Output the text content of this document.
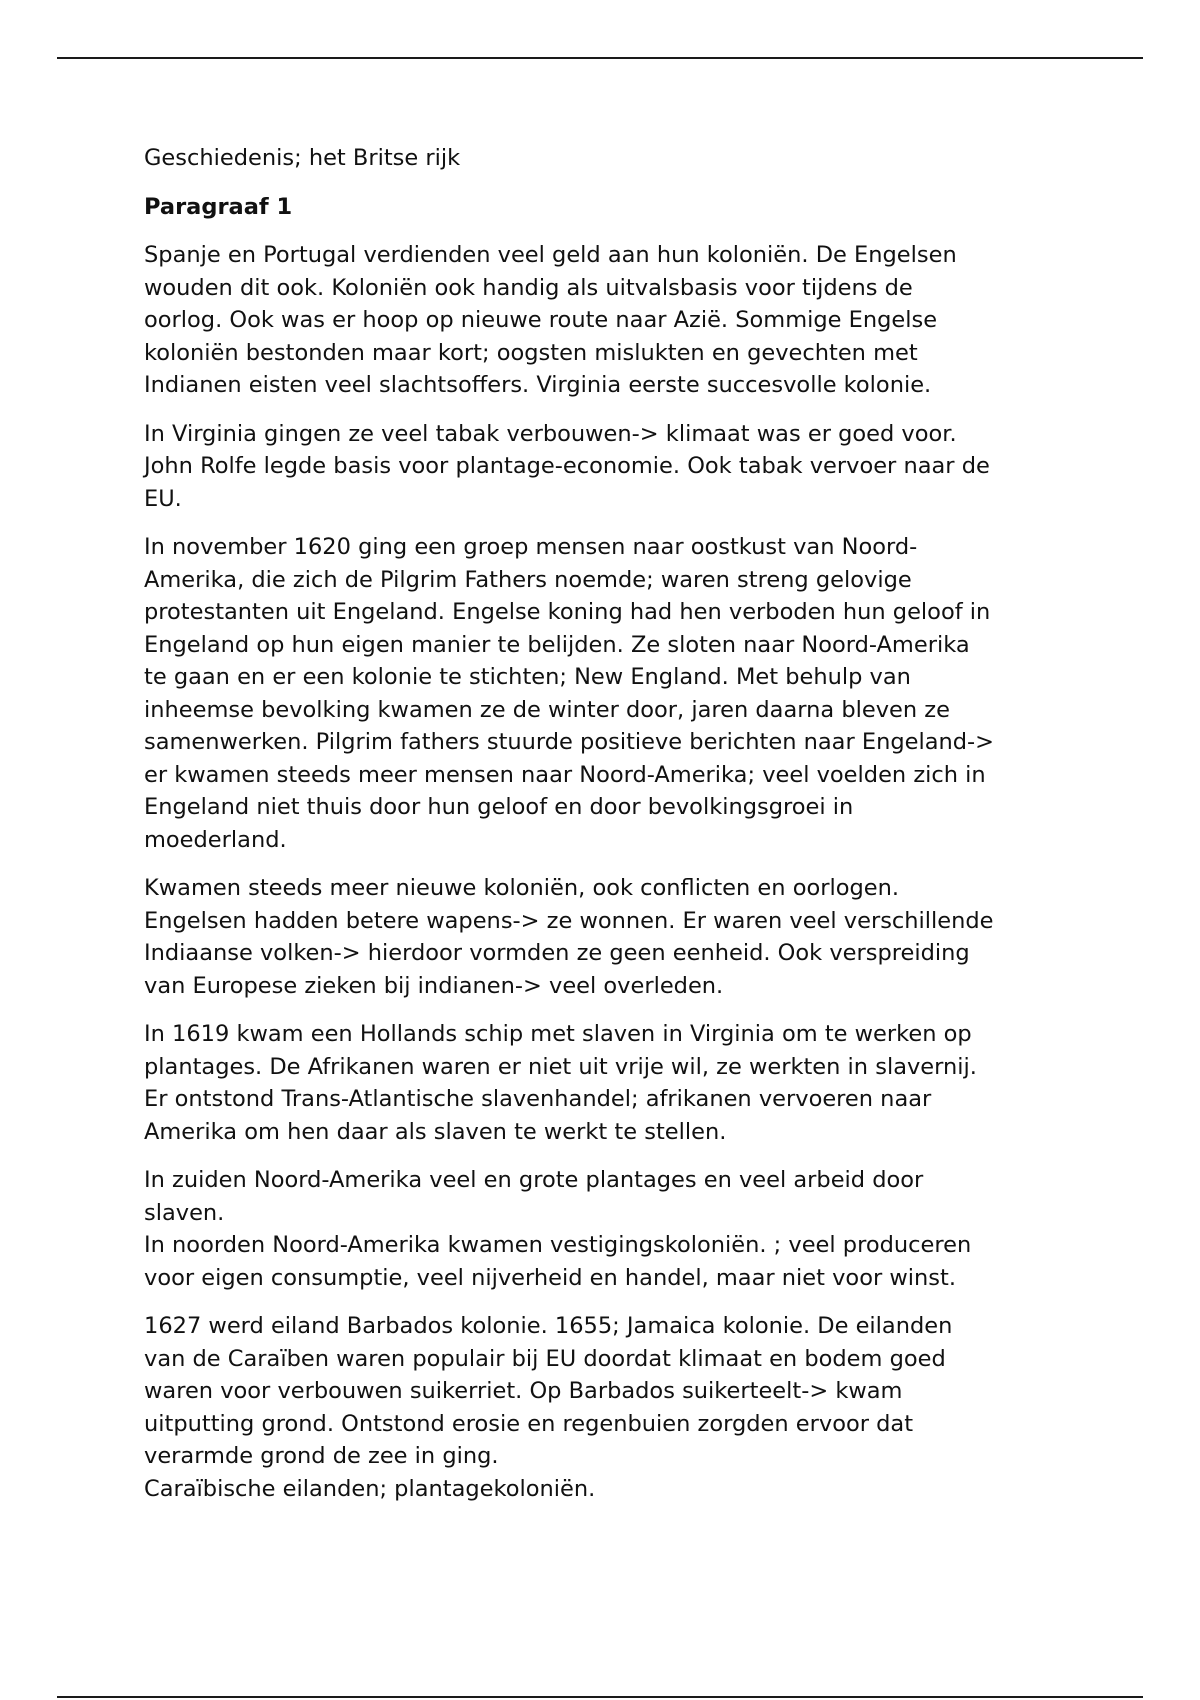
Geschiedenis; het Britse rijk

Paragraaf 1

Spanje en Portugal verdienden veel geld aan hun koloniën. De Engelsen
wouden dit ook. Koloniën ook handig als uitvalsbasis voor tijdens de
oorlog. Ook was er hoop op nieuwe route naar Azië. Sommige Engelse
koloniën bestonden maar kort; oogsten mislukten en gevechten met
Indianen eisten veel slachtsoffers. Virginia eerste succesvolle kolonie.

In Virginia gingen ze veel tabak verbouwen-> klimaat was er goed voor.
John Rolfe legde basis voor plantage-economie. Ook tabak vervoer naar de
EU.

In november 1620 ging een groep mensen naar oostkust van Noord-
Amerika, die zich de Pilgrim Fathers noemde; waren streng gelovige
protestanten uit Engeland. Engelse koning had hen verboden hun geloof in
Engeland op hun eigen manier te belijden. Ze sloten naar Noord-Amerika
te gaan en er een kolonie te stichten; New England. Met behulp van
inheemse bevolking kwamen ze de winter door, jaren daarna bleven ze
samenwerken. Pilgrim fathers stuurde positieve berichten naar Engeland->
er kwamen steeds meer mensen naar Noord-Amerika; veel voelden zich in
Engeland niet thuis door hun geloof en door bevolkingsgroei in
moederland.

Kwamen steeds meer nieuwe koloniën, ook conflicten en oorlogen.
Engelsen hadden betere wapens-> ze wonnen. Er waren veel verschillende
Indiaanse volken-> hierdoor vormden ze geen eenheid. Ook verspreiding
van Europese zieken bij indianen-> veel overleden.

In 1619 kwam een Hollands schip met slaven in Virginia om te werken op
plantages. De Afrikanen waren er niet uit vrije wil, ze werkten in slavernij.
Er ontstond Trans-Atlantische slavenhandel; afrikanen vervoeren naar
Amerika om hen daar als slaven te werkt te stellen.

In zuiden Noord-Amerika veel en grote plantages en veel arbeid door
slaven.
In noorden Noord-Amerika kwamen vestigingskoloniën. ; veel produceren
voor eigen consumptie, veel nijverheid en handel, maar niet voor winst.

1627 werd eiland Barbados kolonie. 1655; Jamaica kolonie. De eilanden
van de Caraïben waren populair bij EU doordat klimaat en bodem goed
waren voor verbouwen suikerriet. Op Barbados suikerteelt-> kwam
uitputting grond. Ontstond erosie en regenbuien zorgden ervoor dat
verarmde grond de zee in ging.
Caraïbische eilanden; plantagekoloniën.
